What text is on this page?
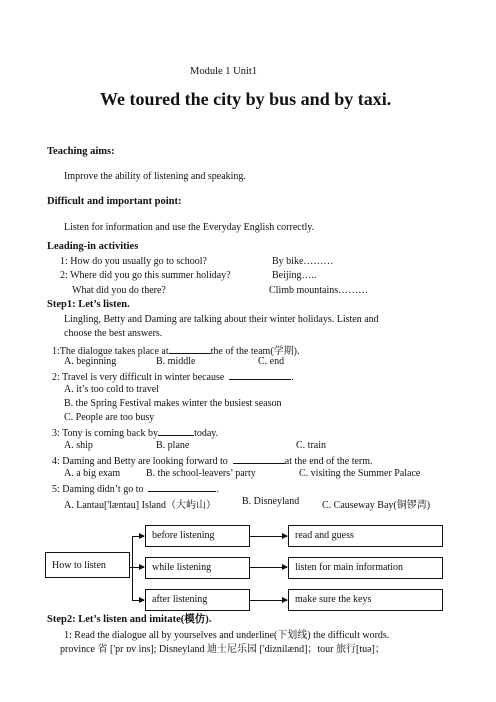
Module 1 Unit1
We toured the city by bus and by taxi.
Teaching aims:
Improve the ability of listening and speaking.
Difficult and important point:
Listen for information and use the Everyday English correctly.
Leading-in activities
1: How do you usually go to school?	By bike………
2: Where did you go this summer holiday?	Beijing…..
What did you do there?	Climb mountains………
Step1: Let’s listen.
Lingling, Betty and Daming are talking about their winter holidays. Listen and
choose the best answers.
1:The dialogue takes place at	the of the team(学期).
A. beginning	B. middle	C. end
2: Travel is very difficult in winter because	.
A. it’s too cold to travel
B. the Spring Festival makes winter the busiest season
C. People are too busy
3: Tony is coming back by	today.
A. ship	B. plane	C. train
4: Daming and Betty are looking forward to	at the end of the term.
A. a big exam	B. the school-leavers’ party	C. visiting the Summer Palace
5: Daming didn’t go to	.
A. Lantau['læntau] Island（大屿山）	B. Disneyland C. Causeway Bay(铜锣湾)
How to listen
before listening
while listening
after listening
read and guess
listen for main information
make sure the keys
Step2: Let’s listen and imitate(模仿).
1: Read the dialogue all by yourselves and underline(下划线) the difficult words.
province 省 ['pr ɒv ins]; Disneyland 迪士尼乐园 ['diznilænd]；tour 旅行[tuə]；
